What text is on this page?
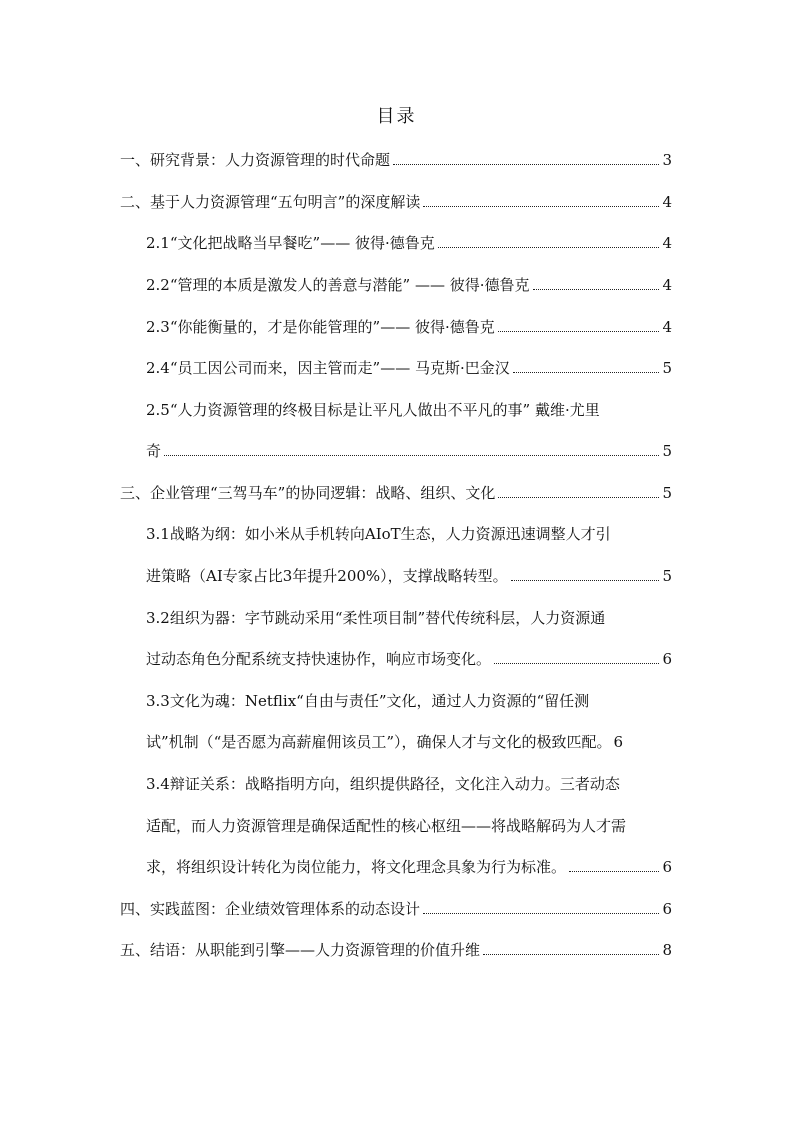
目录
一、研究背景：人力资源管理的时代命题	3
二、基于人力资源管理“五句明言”的深度解读	4
2.1“文化把战略当早餐吃”—— 彼得·德鲁克	4
2.2“管理的本质是激发人的善意与潜能” —— 彼得·德鲁克	4
2.3“你能衡量的，才是你能管理的”—— 彼得·德鲁克	4
2.4“员工因公司而来，因主管而走”—— 马克斯·巴金汉	5
2.5“人力资源管理的终极目标是让平凡人做出不平凡的事” 戴维·尤里
奇	5
三、企业管理“三驾马车”的协同逻辑：战略、组织、文化	5
3.1战略为纲：如小米从手机转向AIoT生态，人力资源迅速调整人才引
进策略（AI专家占比3年提升200%），支撑战略转型。	5
3.2组织为器：字节跳动采用“柔性项目制”替代传统科层，人力资源通
过动态角色分配系统支持快速协作，响应市场变化。	6
3.3文化为魂：Netflix“自由与责任”文化，通过人力资源的“留任测
试”机制（“是否愿为高薪雇佣该员工”），确保人才与文化的极致匹配。 6
3.4辩证关系：战略指明方向，组织提供路径，文化注入动力。三者动态
适配，而人力资源管理是确保适配性的核心枢纽——将战略解码为人才需
求，将组织设计转化为岗位能力，将文化理念具象为行为标准。	6
四、实践蓝图：企业绩效管理体系的动态设计	6
五、结语：从职能到引擎——人力资源管理的价值升维	8
